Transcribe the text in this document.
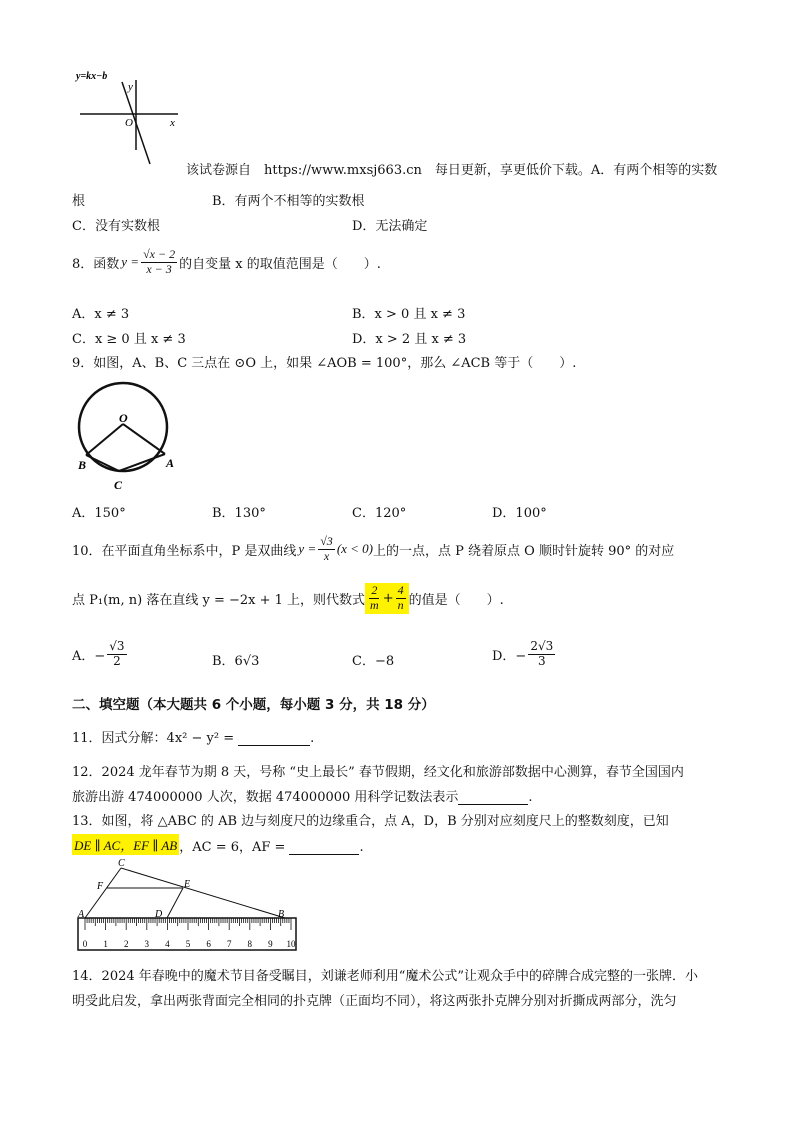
y=kx−b
y
x
O
该试卷源自　https://www.mxsj663.cn　每日更新，享更低价下载。A．有两个相等的实数
根	B．有两个不相等的实数根
C．没有实数根	D．无法确定
8．函数 $y = \frac{√x - 2}{x - 3}$ 的自变量 x 的取值范围是（　　）.
A．x ≠ 3	B．x > 0 且 x ≠ 3
C．x ≥ 0 且 x ≠ 3	D．x > 2 且 x ≠ 3
9．如图，A、B、C 三点在 ⊙O 上，如果 ∠AOB = 100°，那么 ∠ACB 等于（　　）.
O
B	A
C
A．150°	B．130°	C．120°	D．100°
10．在平面直角坐标系中，P 是双曲线 $y = \frac{√3}{x} (x < 0)$ 上的一点，点 P 绕着原点 O 顺时针旋转 90° 的对应
点 P₁(m, n) 落在直线 y = −2x + 1 上，则代数式 $\frac{2}{m} + \frac{4}{n}$ 的值是（　　）.
A．− $\frac{√3}{2}$	B．6√3	C．−8	D．− $\frac{2√3}{3}$
二、填空题（本大题共 6 个小题，每小题 3 分，共 18 分）
11．因式分解：4x² − y² =	.
12．2024 龙年春节为期 8 天，号称 “史上最长” 春节假期，经文化和旅游部数据中心测算，春节全国国内
旅游出游 474000000 人次，数据 474000000 用科学记数法表示	.
13．如图，将 △ABC 的 AB 边与刻度尺的边缘重合，点 A，D，B 分别对应刻度尺上的整数刻度，已知
DE ∥ AC，EF ∥ AB ，AC = 6，AF =	.
0 1 2 3 4 5 6 7 8 9 10
C
F	E
A	D	B
14．2024 年春晚中的魔术节目备受瞩目，刘谦老师利用“魔术公式”让观众手中的碎牌合成完整的一张牌．小
明受此启发，拿出两张背面完全相同的扑克牌（正面均不同），将这两张扑克牌分别对折撕成两部分，洗匀
